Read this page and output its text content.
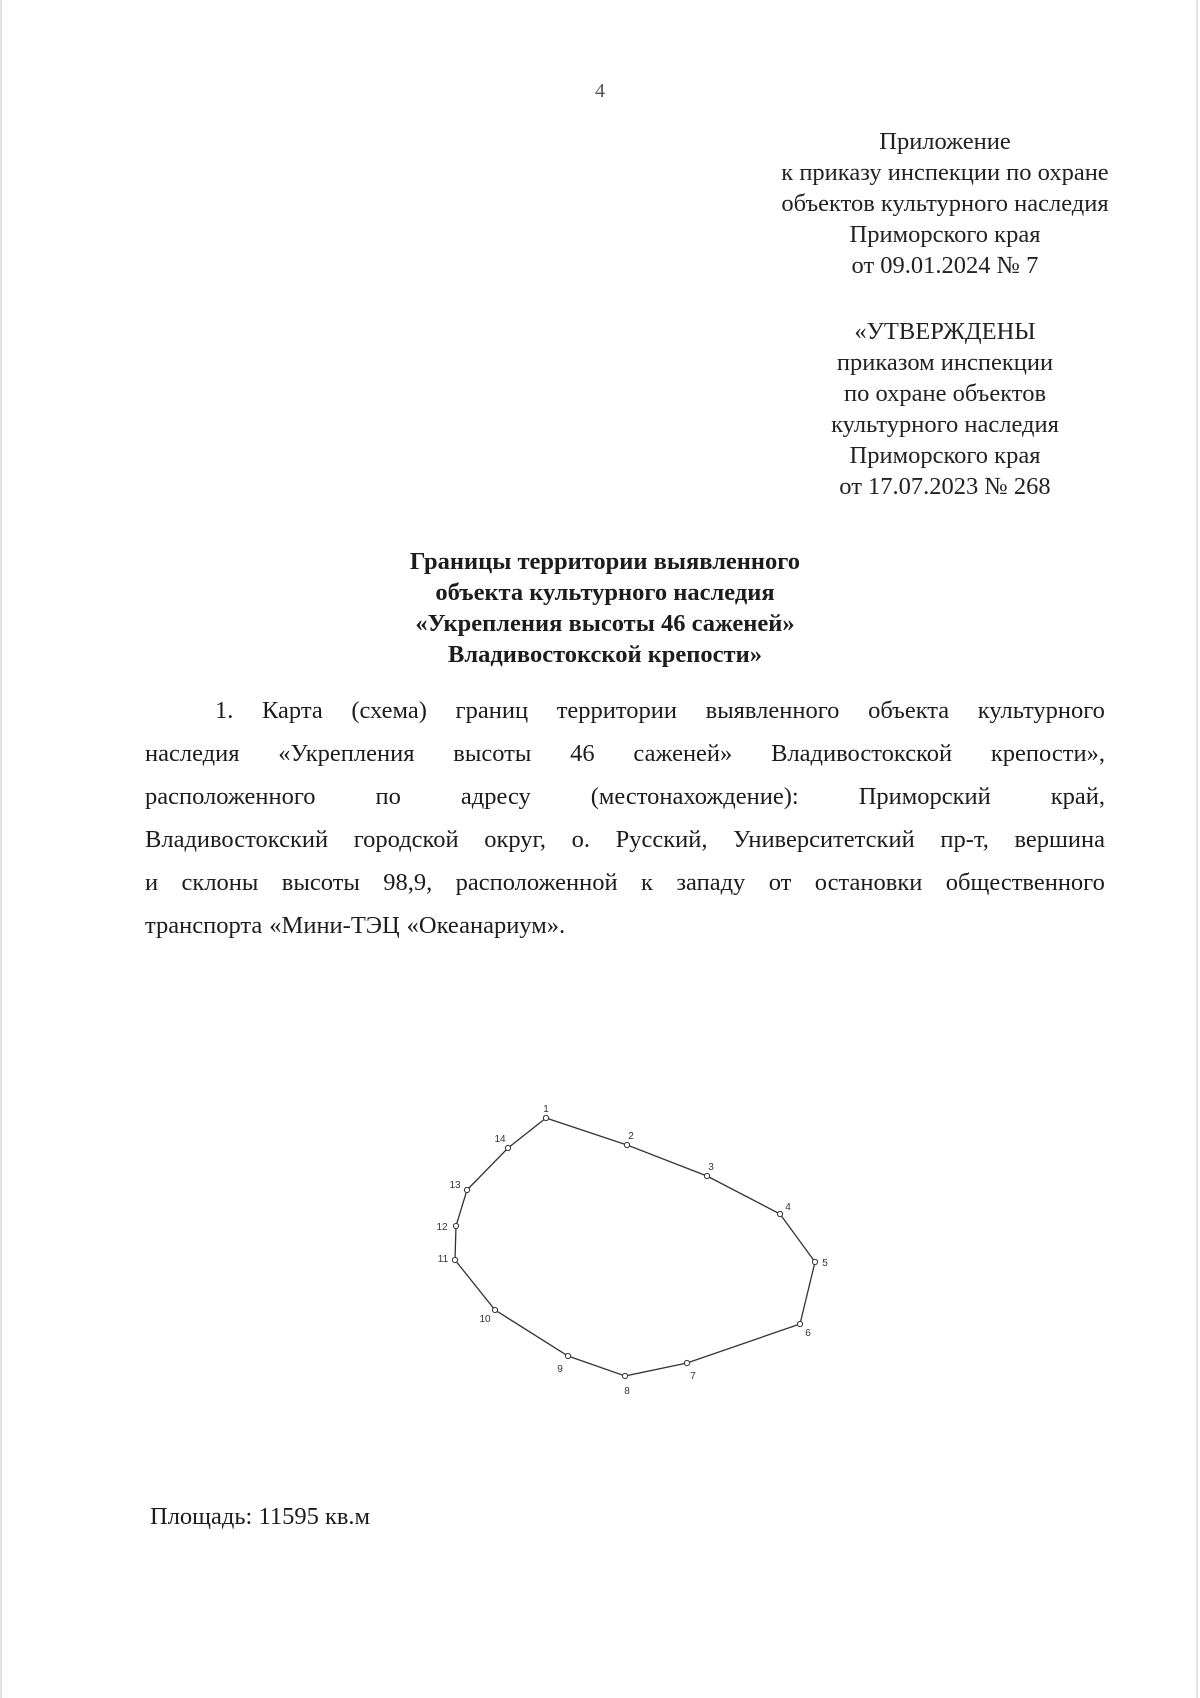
4
Приложение
к приказу инспекции по охране
объектов культурного наследия
Приморского края
от 09.01.2024 № 7
«УТВЕРЖДЕНЫ
приказом инспекции
по охране объектов
культурного наследия
Приморского края
от 17.07.2023 № 268
Границы территории выявленного
объекта культурного наследия
«Укрепления высоты 46 саженей»
Владивостокской крепости»
1. Карта (схема) границ территории выявленного объекта культурного
наследия «Укрепления высоты 46 саженей» Владивостокской крепости»,
расположенного по адресу (местонахождение): Приморский край,
Владивостокский городской округ, о. Русский, Университетский пр-т, вершина
и склоны высоты 98,9, расположенной к западу от остановки общественного
транспорта «Мини-ТЭЦ «Океанариум».
1
2
3
4
5
6
7
8
9
10
11
12
13
14
Площадь: 11595 кв.м
